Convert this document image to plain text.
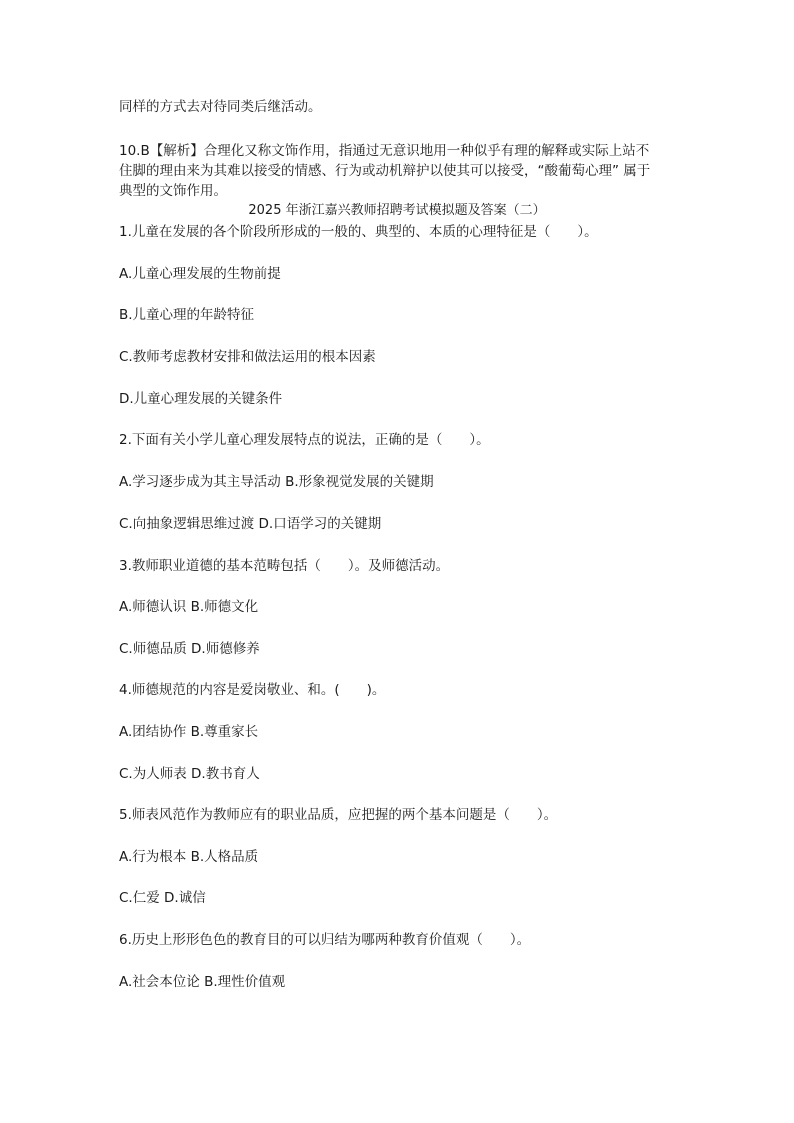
同样的方式去对待同类后继活动。
10.B【解析】合理化又称文饰作用，指通过无意识地用一种似乎有理的解释或实际上站不
住脚的理由来为其难以接受的情感、行为或动机辩护以使其可以接受，“酸葡萄心理” 属于
典型的文饰作用。
2025 年浙江嘉兴教师招聘考试模拟题及答案（二）
1.儿童在发展的各个阶段所形成的一般的、典型的、本质的心理特征是（　　）。
A.儿童心理发展的生物前提
B.儿童心理的年龄特征
C.教师考虑教材安排和做法运用的根本因素
D.儿童心理发展的关键条件
2.下面有关小学儿童心理发展特点的说法，正确的是（　　）。
A.学习逐步成为其主导活动 B.形象视觉发展的关键期
C.向抽象逻辑思维过渡 D.口语学习的关键期
3.教师职业道德的基本范畴包括（　　）。及师德活动。
A.师德认识 B.师德文化
C.师德品质 D.师德修养
4.师德规范的内容是爱岗敬业、和。(　　)。
A.团结协作 B.尊重家长
C.为人师表 D.教书育人
5.师表风范作为教师应有的职业品质，应把握的两个基本问题是（　　）。
A.行为根本 B.人格品质
C.仁爱 D.诚信
6.历史上形形色色的教育目的可以归结为哪两种教育价值观（　　）。
A.社会本位论 B.理性价值观
